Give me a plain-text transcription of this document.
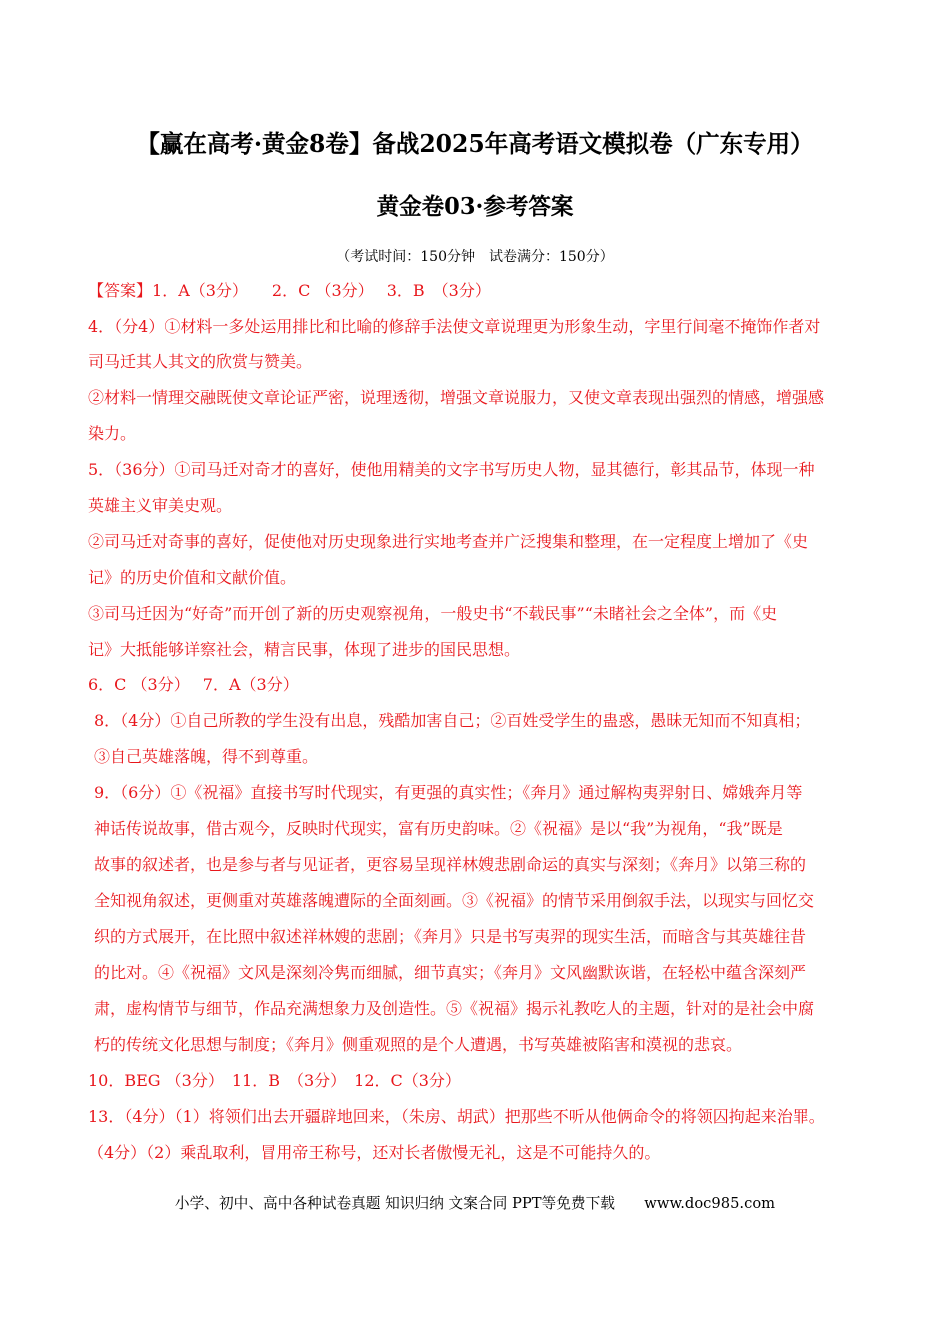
【赢在高考·黄金8卷】备战2025年高考语文模拟卷（广东专用）
黄金卷03·参考答案
（考试时间：150分钟　试卷满分：150分）
【答案】1．A（3分）　　2．C （3分）　 3．B　（3分）
4．（分4）①材料一多处运用排比和比喻的修辞手法使文章说理更为形象生动，字里行间毫不掩饰作者对
司马迁其人其文的欣赏与赞美。
②材料一情理交融既使文章论证严密，说理透彻，增强文章说服力，又使文章表现出强烈的情感，增强感
染力。
5．（36分）①司马迁对奇才的喜好，使他用精美的文字书写历史人物，显其德行，彰其品节，体现一种
英雄主义审美史观。
②司马迁对奇事的喜好，促使他对历史现象进行实地考查并广泛搜集和整理，在一定程度上增加了《史
记》的历史价值和文献价值。
③司马迁因为“好奇”而开创了新的历史观察视角，一般史书“不载民事”“未睹社会之全体”，而《史
记》大抵能够详察社会，精言民事，体现了进步的国民思想。
6．C （3分）　 7．A（3分）
8．（4分）①自己所教的学生没有出息，残酷加害自己；②百姓受学生的蛊惑，愚昧无知而不知真相；
③自己英雄落魄，得不到尊重。
9．（6分）①《祝福》直接书写时代现实，有更强的真实性；《奔月》通过解构夷羿射日、嫦娥奔月等
神话传说故事，借古观今，反映时代现实，富有历史韵味。②《祝福》是以“我”为视角，“我”既是
故事的叙述者，也是参与者与见证者，更容易呈现祥林嫂悲剧命运的真实与深刻；《奔月》以第三称的
全知视角叙述，更侧重对英雄落魄遭际的全面刻画。③《祝福》的情节采用倒叙手法，以现实与回忆交
织的方式展开，在比照中叙述祥林嫂的悲剧；《奔月》只是书写夷羿的现实生活，而暗含与其英雄往昔
的比对。④《祝福》文风是深刻冷隽而细腻，细节真实；《奔月》文风幽默诙谐，在轻松中蕴含深刻严
肃，虚构情节与细节，作品充满想象力及创造性。⑤《祝福》揭示礼教吃人的主题，针对的是社会中腐
朽的传统文化思想与制度；《奔月》侧重观照的是个人遭遇，书写英雄被陷害和漠视的悲哀。
10．BEG （3分）　11．B　（3分）　12．C（3分）
13．（4分）（1）将领们出去开疆辟地回来，（朱房、胡武）把那些不听从他俩命令的将领囚拘起来治罪。
（4分）（2）乘乱取利，冒用帝王称号，还对长者傲慢无礼，这是不可能持久的。
小学、初中、高中各种试卷真题 知识归纳 文案合同 PPT等免费下载　　www.doc985.com
